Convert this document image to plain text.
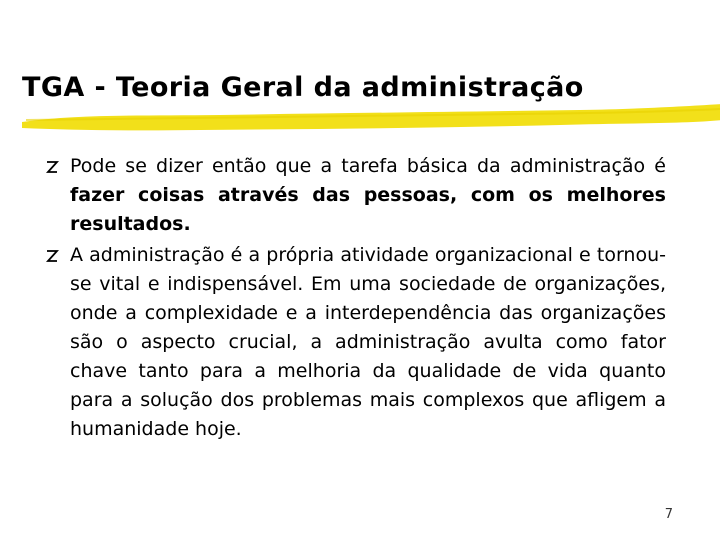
TGA - Teoria Geral da administração
Pode se dizer então que a tarefa básica da administração é fazer coisas através das pessoas, com os melhores resultados.
A administração é a própria atividade organizacional e tornou-se vital e indispensável. Em uma sociedade de organizações, onde a complexidade e a interdependência das organizações são o aspecto crucial, a administração avulta como fator chave tanto para a melhoria da qualidade de vida quanto para a solução dos problemas mais complexos que afligem a humanidade hoje.
7
